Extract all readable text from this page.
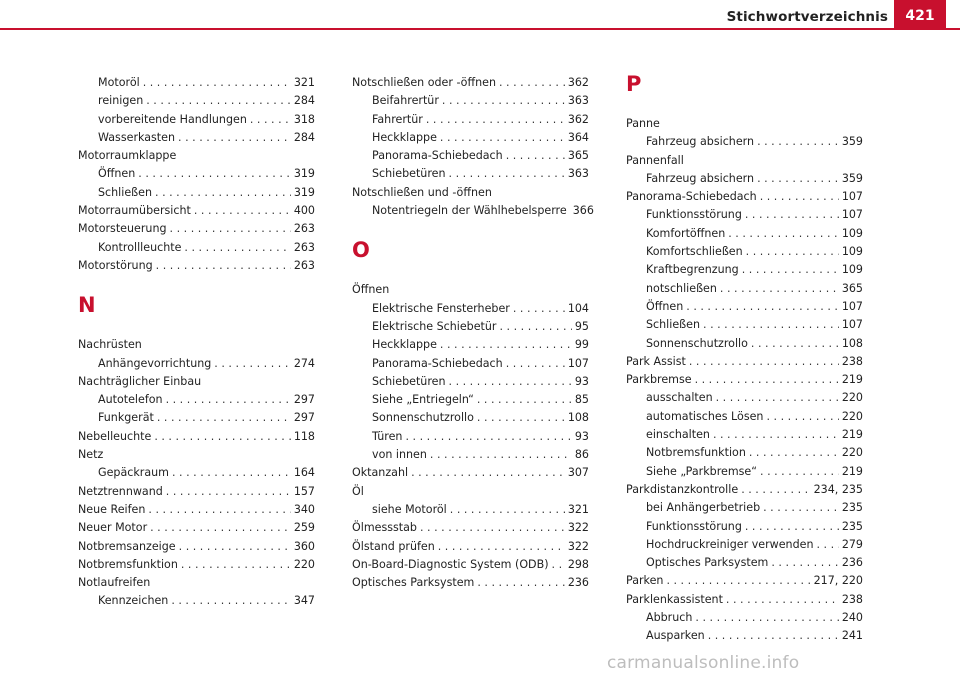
Stichwortverzeichnis	421
Motoröl . . .	321
reinigen . . .	284
vorbereitende Handlungen . . .	318
Wasserkasten . . .	284
Motorraumklappe
Öffnen . . .	319
Schließen . . .	319
Motorraumübersicht . . .	400
Motorsteuerung . . .	263
Kontrollleuchte . . .	263
Motorstörung . . .	263
N
Nachrüsten
Anhängevorrichtung . . .	274
Nachträglicher Einbau
Autotelefon . . .	297
Funkgerät . . .	297
Nebelleuchte . . .	118
Netz
Gepäckraum . . .	164
Netztrennwand . . .	157
Neue Reifen . . .	340
Neuer Motor . . .	259
Notbremsanzeige . . .	360
Notbremsfunktion . . .	220
Notlaufreifen
Kennzeichen . . .	347
Notschließen oder -öffnen . . .	362
Beifahrertür . . .	363
Fahrertür . . .	362
Heckklappe . . .	364
Panorama-Schiebedach . . .	365
Schiebetüren . . .	363
Notschließen und -öffnen
Notentriegeln der Wählhebelsperre 366
O
Öffnen
Elektrische Fensterheber . . .	104
Elektrische Schiebetür . . .	95
Heckklappe . . .	99
Panorama-Schiebedach . . .	107
Schiebetüren . . .	93
Siehe „Entriegeln“ . . .	85
Sonnenschutzrollo . . .	108
Türen . . .	93
von innen . . .	86
Oktanzahl . . .	307
Öl
siehe Motoröl . . .	321
Ölmessstab . . .	322
Ölstand prüfen . . .	322
On-Board-Diagnostic System (ODB) . . . 298
Optisches Parksystem . . .	236
P
Panne
Fahrzeug absichern . . .	359
Pannenfall
Fahrzeug absichern . . .	359
Panorama-Schiebedach . . .	107
Funktionsstörung . . .	107
Komfortöffnen . . .	109
Komfortschließen . . .	109
Kraftbegrenzung . . .	109
notschließen . . .	365
Öffnen . . .	107
Schließen . . .	107
Sonnenschutzrollo . . .	108
Park Assist . . .	238
Parkbremse . . .	219
ausschalten . . .	220
automatisches Lösen . . .	220
einschalten . . .	219
Notbremsfunktion . . .	220
Siehe „Parkbremse“ . . .	219
Parkdistanzkontrolle . . .	234, 235
bei Anhängerbetrieb . . .	235
Funktionsstörung . . .	235
Hochdruckreiniger verwenden . . .	279
Optisches Parksystem . . .	236
Parken . . .	217, 220
Parklenkassistent . . .	238
Abbruch . . .	240
Ausparken . . .	241
carmanualsonline.info
